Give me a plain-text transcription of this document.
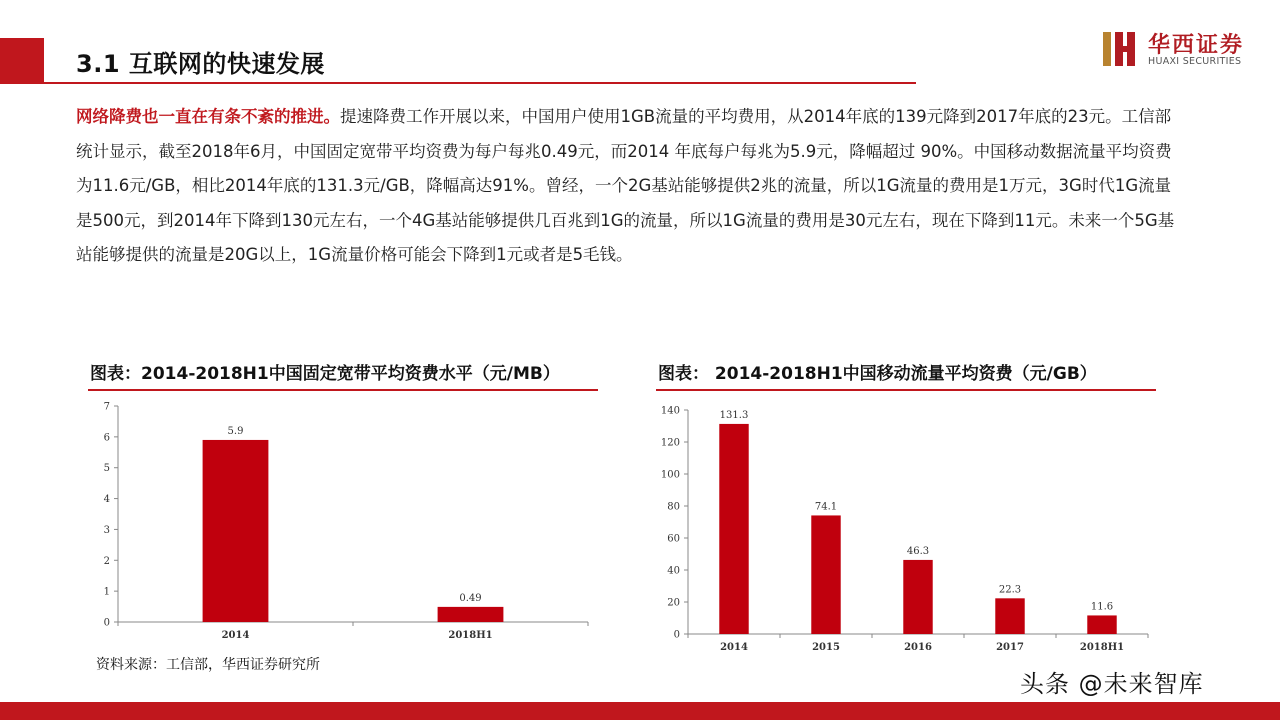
3.1 互联网的快速发展
华西证券
HUAXI SECURITIES
网络降费也一直在有条不紊的推进。提速降费工作开展以来，中国用户使用1GB流量的平均费用，从2014年底的139元降到2017年底的23元。工信部统计显示，截至2018年6月，中国固定宽带平均资费为每户每兆0.49元，而2014 年底每户每兆为5.9元，降幅超过 90%。中国移动数据流量平均资费为11.6元/GB，相比2014年底的131.3元/GB，降幅高达91%。曾经，一个2G基站能够提供2兆的流量，所以1G流量的费用是1万元，3G时代1G流量是500元，到2014年下降到130元左右，一个4G基站能够提供几百兆到1G的流量，所以1G流量的费用是30元左右，现在下降到11元。未来一个5G基站能够提供的流量是20G以上，1G流量价格可能会下降到1元或者是5毛钱。
图表：2014-2018H1中国固定宽带平均资费水平（元/MB）	图表： 2014-2018H1中国移动流量平均资费（元/GB）
0
1
2
3
4
5
6
7
5.9
2014
0.49
2018H1	0
20
40
60
80
100
120
140	131.3
2014
74.1
2015
46.3
2016
22.3
2017
11.6
2018H1
资料来源：工信部，华西证券研究所
头条 @未来智库
